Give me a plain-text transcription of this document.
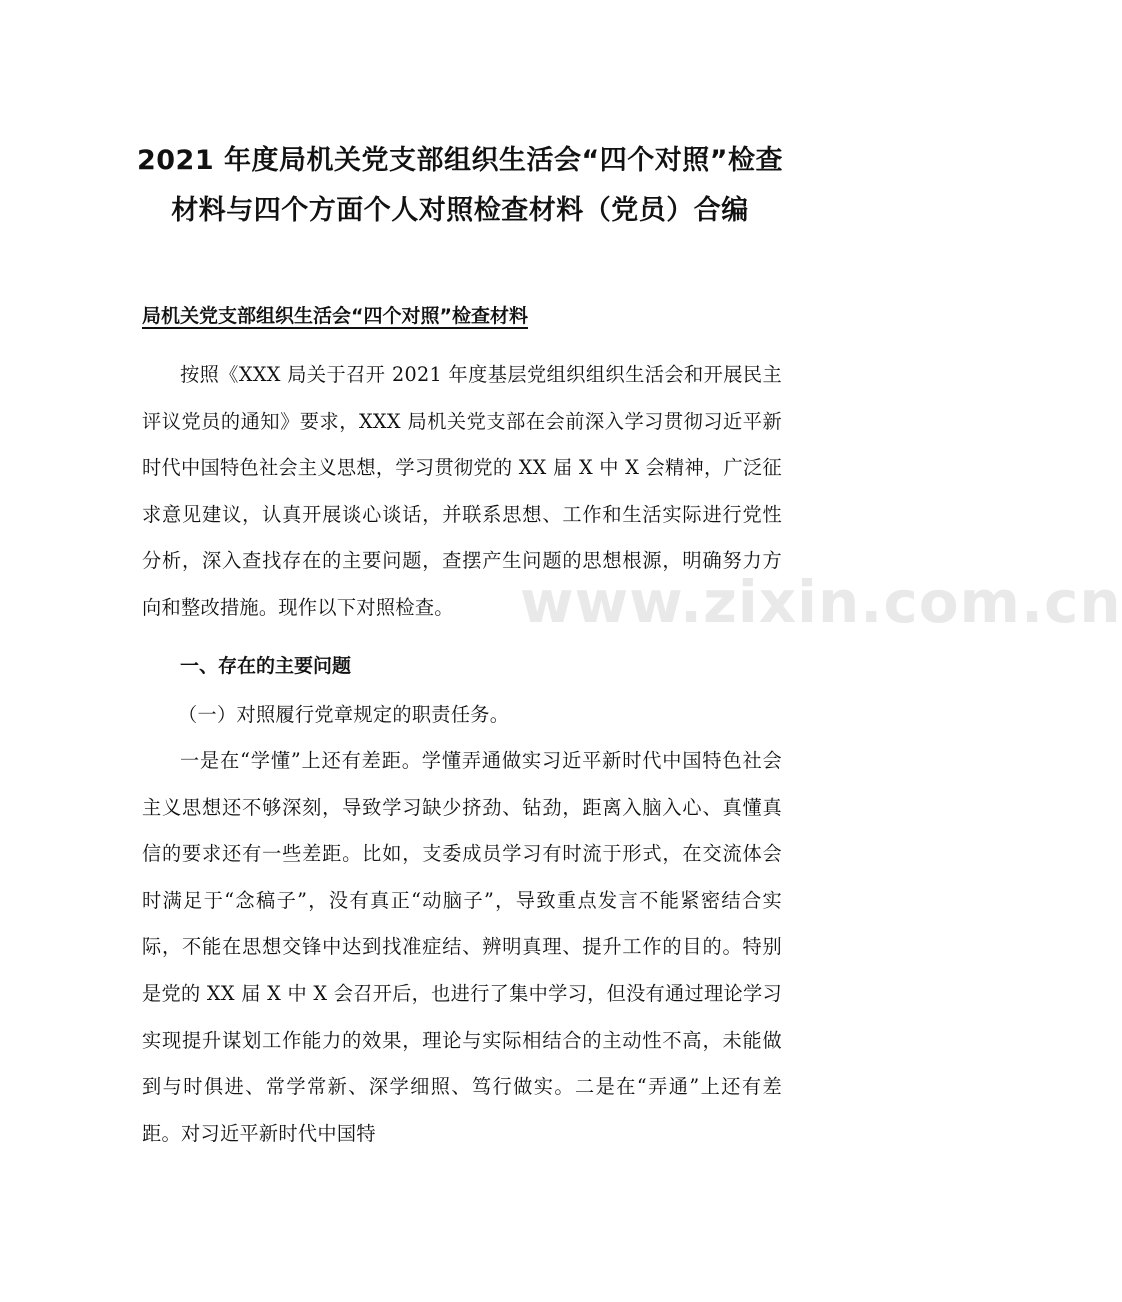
2021 年度局机关党支部组织生活会“四个对照”检查
材料与四个方面个人对照检查材料（党员）合编
局机关党支部组织生活会“四个对照”检查材料

按照《XXX 局关于召开 2021 年度基层党组织组织生活会和开展民主评议党员的通知》要求，XXX 局机关党支部在会前深入学习贯彻习近平新时代中国特色社会主义思想，学习贯彻党的 XX 届 X 中 X 会精神，广泛征求意见建议，认真开展谈心谈话，并联系思想、工作和生活实际进行党性分析，深入查找存在的主要问题，查摆产生问题的思想根源，明确努力方向和整改措施。现作以下对照检查。

一、存在的主要问题
（一）对照履行党章规定的职责任务。

一是在“学懂”上还有差距。学懂弄通做实习近平新时代中国特色社会主义思想还不够深刻，导致学习缺少挤劲、钻劲，距离入脑入心、真懂真信的要求还有一些差距。比如，支委成员学习有时流于形式，在交流体会时满足于“念稿子”，没有真正“动脑子”，导致重点发言不能紧密结合实际，不能在思想交锋中达到找准症结、辨明真理、提升工作的目的。特别是党的 XX 届 X 中 X 会召开后，也进行了集中学习，但没有通过理论学习实现提升谋划工作能力的效果，理论与实际相结合的主动性不高，未能做到与时俱进、常学常新、深学细照、笃行做实。二是在“弄通”上还有差距。对习近平新时代中国特

www.zixin.com.cn
